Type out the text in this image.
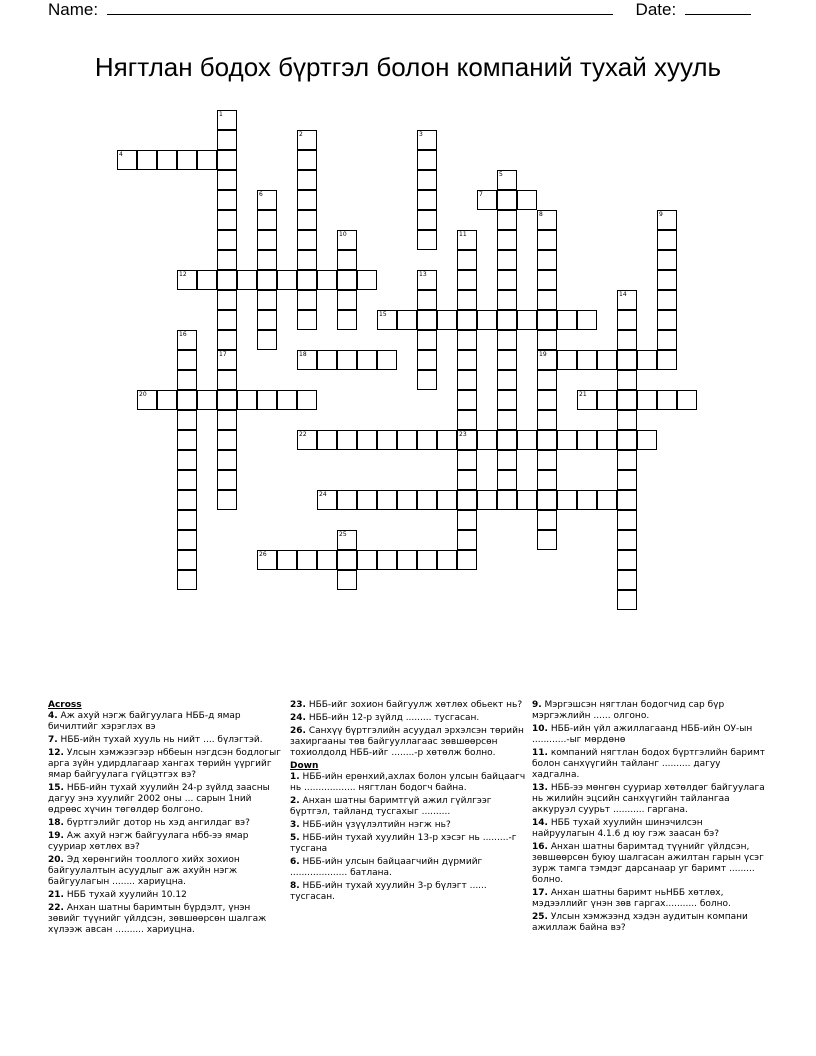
Name:	Date:
Нягтлан бодох бүртгэл болон компаний тухай хууль
1
17
2	3
4
5
6	7
8
19
9
10	11
23
12	13
14
15
16
18
20	21
22
24
25
26
Across
4. Аж ахуй нэгж байгуулага НББ-д ямар бичилтийг хэрэглэх вэ
7. НББ-ийн тухай хууль нь нийт .... бүлэгтэй.
12. Улсын хэмжээгээр нббеын нэгдсэн бодлогыг арга зүйн удирдлагаар хангах төрийн үүргийг ямар байгуулага гүйцэтгэх вэ?
15. НББ-ийн тухай хуулийн 24-р зүйлд заасны дагуу энэ хуулийг 2002 оны ... сарын 1ний өдрөөс хүчин төгөлдөр болгоно.
18. бүртгэлийг дотор нь хэд ангилдаг вэ?
19. Аж ахуй нэгж байгуулага нбб-ээ ямар сууриар хөтлөх вэ?
20. Эд хөрөнгийн тооллого хийх зохион байгуулалтын асуудлыг аж ахуйн нэгж байгуулагын ........ хариуцна.
21. НББ тухай хуулийн 10.12
22. Анхан шатны баримтын бүрдэлт, үнэн зөвийг түүнийг үйлдсэн, зөвшөөрсөн шалгаж хүлээж авсан .......... хариуцна.
23. НББ-ийг зохион байгуулж хөтлөх обьект нь?
24. НББ-ийн 12-р зүйлд ......... тусгасан.
26. Санхүү бүртгэлийн асуудал эрхэлсэн төрийн захиргааны төв байгууллагаас зөвшөөрсөн тохиолдолд НББ-ийг ........-р хөтөлж болно.
Down
1. НББ-ийн ерөнхий,ахлах болон улсын байцаагч нь .................. нягтлан бодогч байна.
2. Анхан шатны баримтгүй ажил гүйлгээг бүртгэл, тайланд тусгахыг ..........
3. НББ-ийн үзүүлэлтийн нэгж нь?
5. НББ-ийн тухай хуулийн 13-р хэсэг нь .........-г тусгана
6. НББ-ийн улсын байцаагчийн дүрмийг .................... батлана.
8. НББ-ийн тухай хуулийн 3-р бүлэгт ...... тусгасан.
9. Мэргэшсэн нягтлан бодогчид сар бүр мэргэжлийн ...... олгоно.
10. НББ-ийн үйл ажиллагаанд НББ-ийн ОУ-ын ............-ыг мөрдөнө
11. компаний нягтлан бодох бүртгэлийн баримт болон санхүүгийн тайланг .......... дагуу хадгална.
13. НББ-ээ мөнгөн сууриар хөтөлдөг байгуулага нь жилийн эцсийн санхүүгийн тайлангаа аккуруэл суурьт ........... гаргана.
14. НББ тухай хуулийн шинэчилсэн найруулагын 4.1.6 д юу гэж заасан бэ?
16. Анхан шатны баримтад түүнийг үйлдсэн, зөвшөөрсөн буюу шалгасан ажилтан гарын үсэг зурж тамга тэмдэг дарсанаар уг баримт ......... болно.
17. Анхан шатны баримт ньНББ хөтлөх, мэдээллийг үнэн зөв гаргах........... болно.
25. Улсын хэмжээнд хэдэн аудитын компани ажиллаж байна вэ?
